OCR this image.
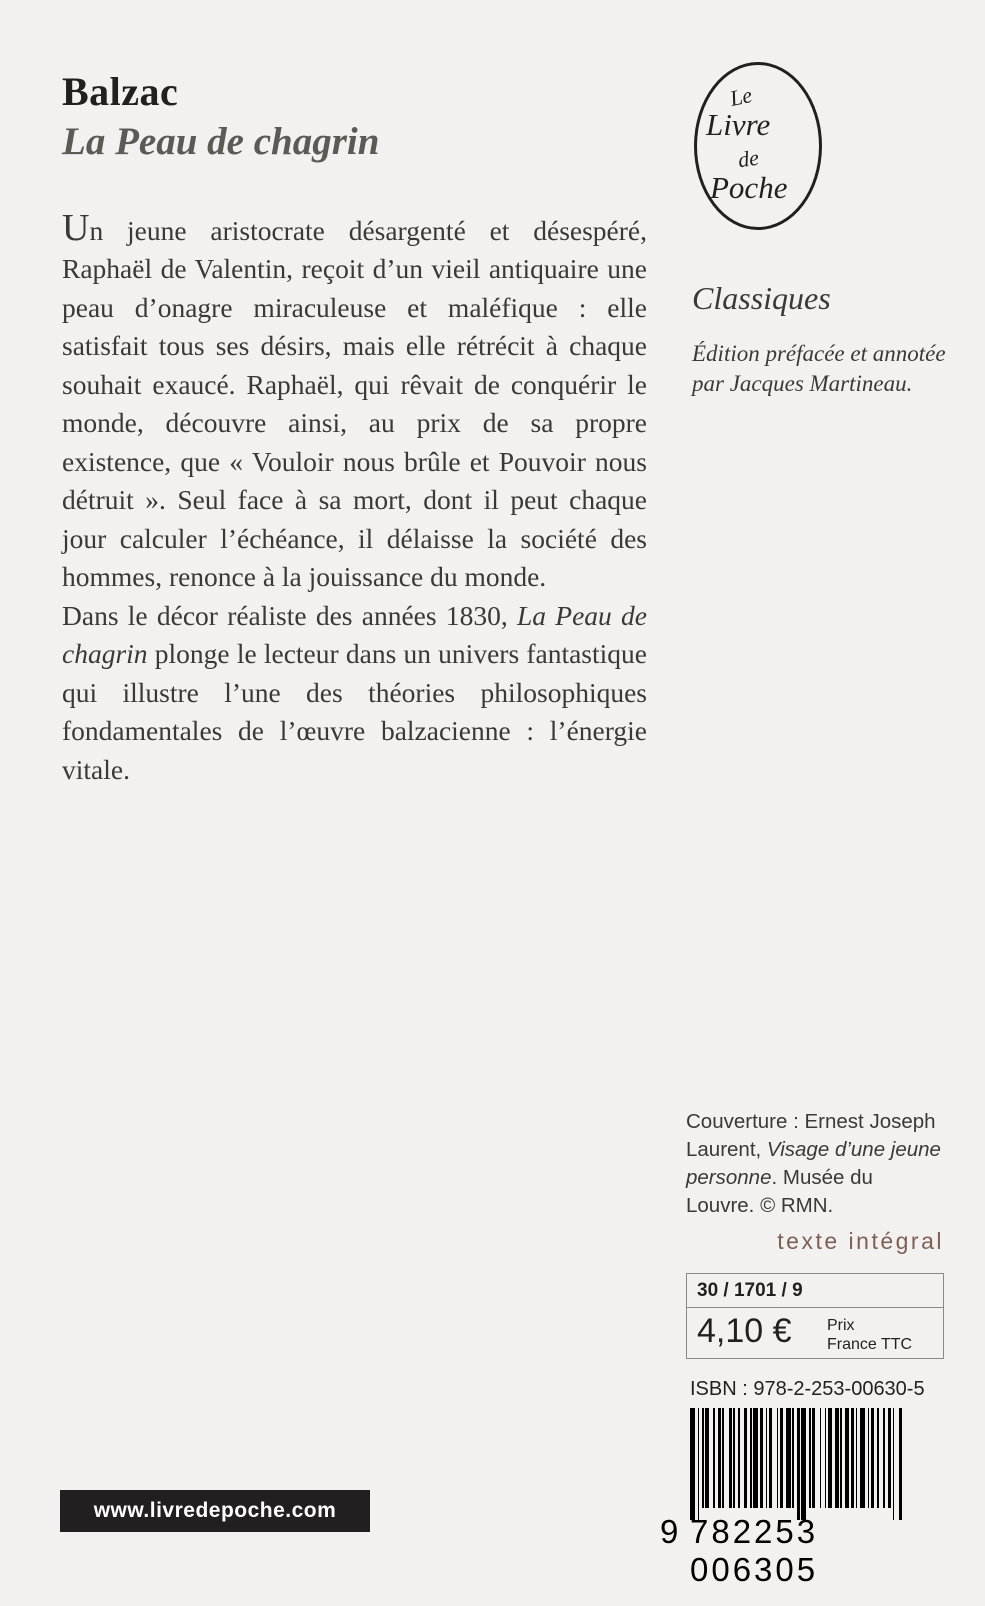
Balzac
La Peau de chagrin

Un jeune aristocrate désargenté et désespéré, Raphaël de Valentin, reçoit d’un vieil antiquaire une peau d’onagre miraculeuse et maléfique : elle satisfait tous ses désirs, mais elle rétrécit à chaque souhait exaucé. Raphaël, qui rêvait de conquérir le monde, découvre ainsi, au prix de sa propre existence, que « Vouloir nous brûle et Pouvoir nous détruit ». Seul face à sa mort, dont il peut chaque jour calculer l’échéance, il délaisse la société des hommes, renonce à la jouissance du monde.

Dans le décor réaliste des années 1830, La Peau de chagrin plonge le lecteur dans un univers fantastique qui illustre l’une des théories philosophiques fondamentales de l’œuvre balzacienne : l’énergie vitale.

Le
Livre
de
Poche
Classiques
Édition préfacée et annotée par Jacques Martineau.
Couverture : Ernest Joseph Laurent, Visage d’une jeune personne. Musée du Louvre. © RMN.
texte intégral
30 / 1701 / 9
4,10 € Prix
France TTC
ISBN : 978-2-253-00630-5
9 782253 006305
www.livredepoche.com
